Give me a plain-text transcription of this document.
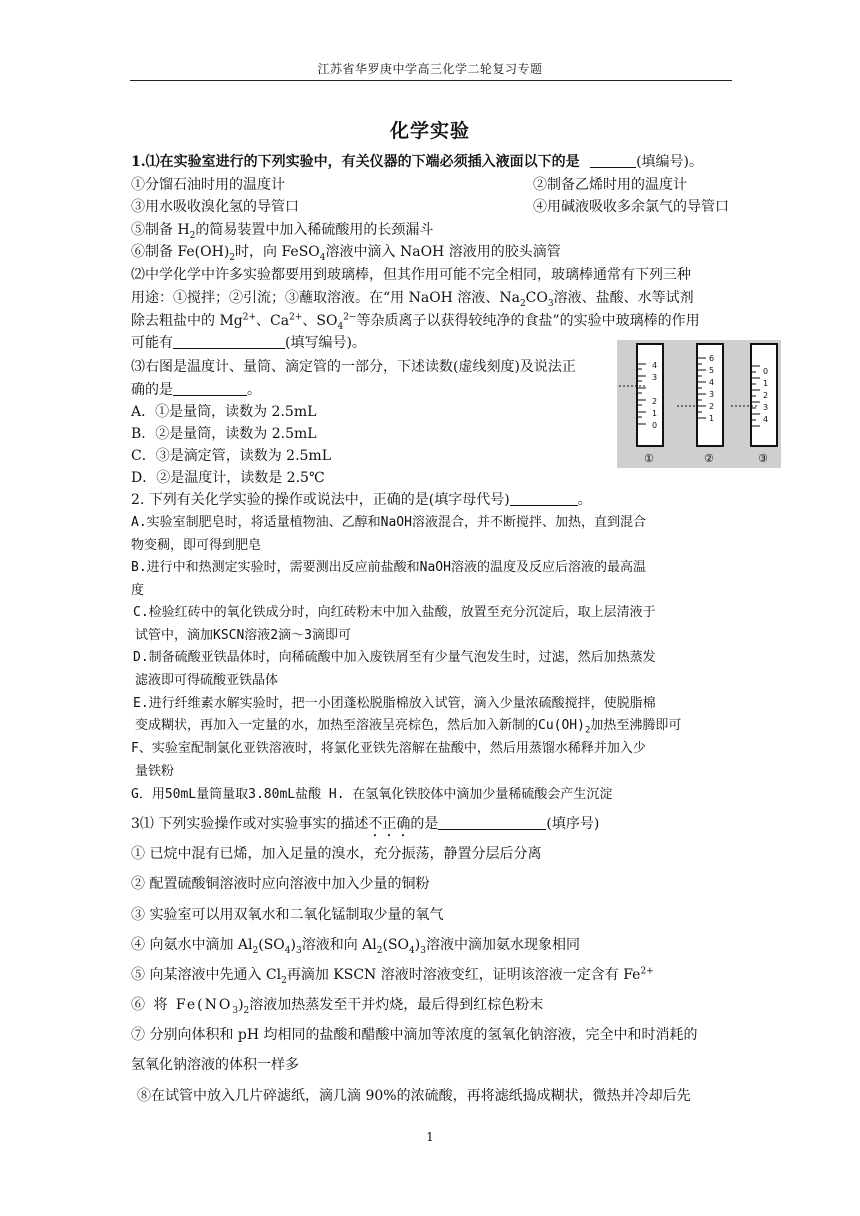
江苏省华罗庚中学高三化学二轮复习专题
化学实验
1.⑴在实验室进行的下列实验中，有关仪器的下端必须插入液面以下的是	(填编号)。
①分馏石油时用的温度计	②制备乙烯时用的温度计
③用水吸收溴化氢的导管口	④用碱液吸收多余氯气的导管口
⑤制备 $H_2$的简易装置中加入稀硫酸用的长颈漏斗
⑥制备 $Fe(OH)_2$时，向 FeSO$_4$溶液中滴入 NaOH 溶液用的胶头滴管
⑵中学化学中许多实验都要用到玻璃棒，但其作用可能不完全相同，玻璃棒通常有下列三种
用途：①搅拌；②引流；③蘸取溶液。在“用 NaOH 溶液、$Na_2CO_3$溶液、盐酸、水等试剂
除去粗盐中的 $Mg^{2+}$、$Ca^{2+}$、$SO_4^{2-}$等杂质离子以获得较纯净的食盐”的实验中玻璃棒的作用
可能有	(填写编号)。
⑶右图是温度计、量筒、滴定管的一部分，下述读数(虚线刻度)及说法正
确的是	。
A．①是量筒，读数为 2.5mL
B．②是量筒，读数为 2.5mL
C．③是滴定管，读数为 2.5mL
D．②是温度计，读数是 2.5℃
4
3
2
1
0
6
5
4
3
2
1
0
1
2
3
4
①	②	③
2. 下列有关化学实验的操作或说法中，正确的是(填字母代号)	。
A.实验室制肥皂时，将适量植物油、乙醇和NaOH溶液混合，并不断搅拌、加热，直到混合
物变稠，即可得到肥皂
B.进行中和热测定实验时，需要测出反应前盐酸和NaOH溶液的温度及反应后溶液的最高温
度
C.检验红砖中的氧化铁成分时，向红砖粉末中加入盐酸，放置至充分沉淀后，取上层清液于
试管中，滴加KSCN溶液2滴～3滴即可
D.制备硫酸亚铁晶体时，向稀硫酸中加入废铁屑至有少量气泡发生时，过滤，然后加热蒸发
滤液即可得硫酸亚铁晶体
E.进行纤维素水解实验时，把一小团蓬松脱脂棉放入试管，滴入少量浓硫酸搅拌，使脱脂棉
变成糊状，再加入一定量的水，加热至溶液呈亮棕色，然后加入新制的$Cu(OH)_2$加热至沸腾即可
F、实验室配制氯化亚铁溶液时，将氯化亚铁先溶解在盐酸中，然后用蒸馏水稀释并加入少
量铁粉
G．用50mL量筒量取3.80mL盐酸 H. 在氢氧化铁胶体中滴加少量稀硫酸会产生沉淀
3⑴ 下列实验操作或对实验事实的描述不正确的是	(填序号)
① 已烷中混有已烯，加入足量的溴水，充分振荡，静置分层后分离
② 配置硫酸铜溶液时应向溶液中加入少量的铜粉
③ 实验室可以用双氧水和二氧化锰制取少量的氧气
④ 向氨水中滴加 $Al_2(SO_4)_3$溶液和向 $Al_2(SO_4)_3$溶液中滴加氨水现象相同
⑤ 向某溶液中先通入 $Cl_2$再滴加 KSCN 溶液时溶液变红，证明该溶液一定含有 $Fe^{2+}$
⑥ 将 $Fe(NO_3)_2$溶液加热蒸发至干并灼烧，最后得到红棕色粉末
⑦ 分别向体积和 pH 均相同的盐酸和醋酸中滴加等浓度的氢氧化钠溶液，完全中和时消耗的
氢氧化钠溶液的体积一样多
⑧在试管中放入几片碎滤纸，滴几滴 90%的浓硫酸，再将滤纸捣成糊状，微热并冷却后先
1
